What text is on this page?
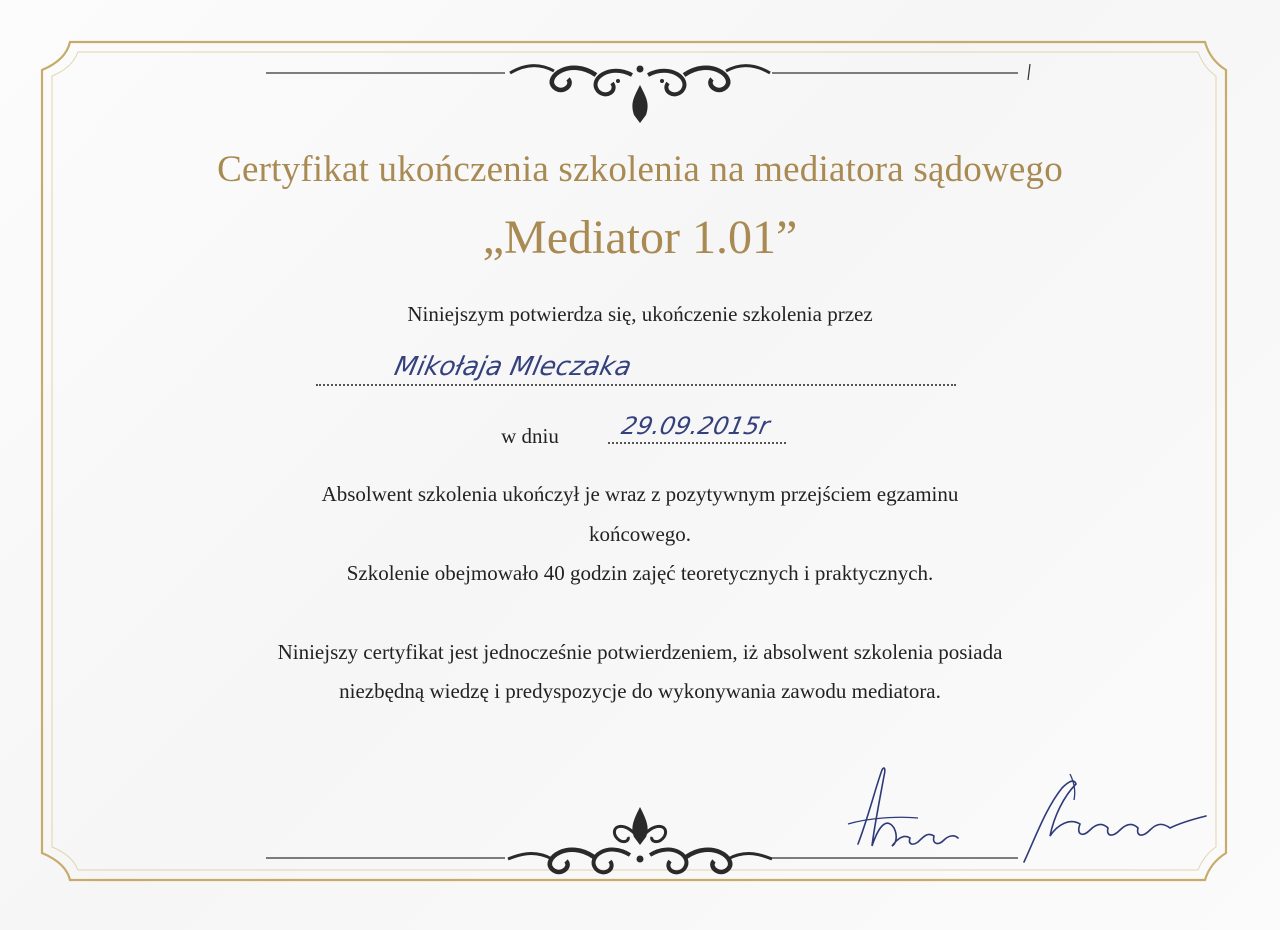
Certyfikat ukończenia szkolenia na mediatora sądowego
„Mediator 1.01”
Niniejszym potwierdza się, ukończenie szkolenia przez
Mikołaja Mleczaka
w dniu	29.09.2015r
Absolwent szkolenia ukończył je wraz z pozytywnym przejściem egzaminu
końcowego.
Szkolenie obejmowało 40 godzin zajęć teoretycznych i praktycznych.
Niniejszy certyfikat jest jednocześnie potwierdzeniem, iż absolwent szkolenia posiada
niezbędną wiedzę i predyspozycje do wykonywania zawodu mediatora.
